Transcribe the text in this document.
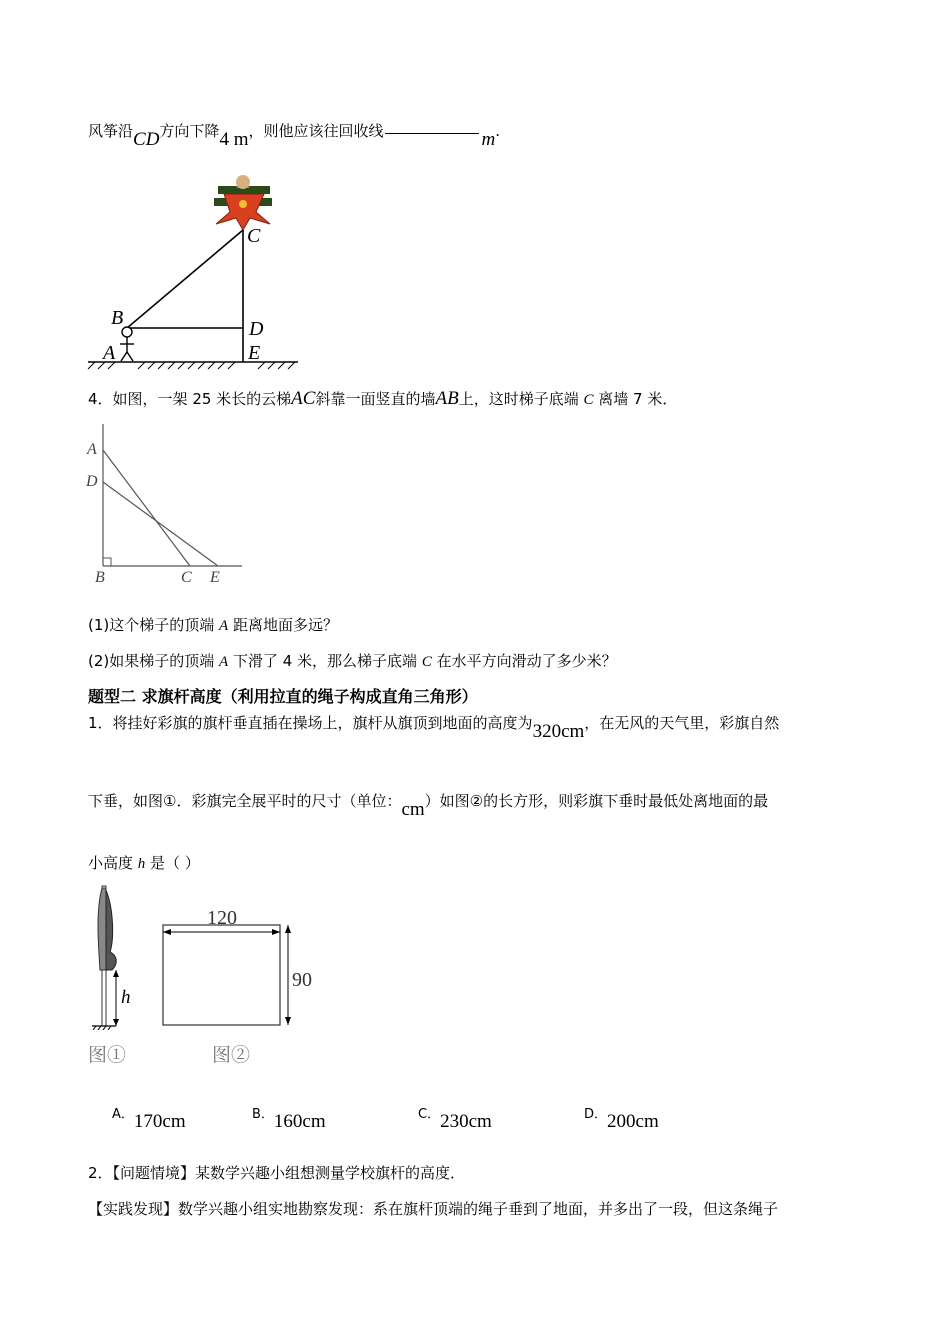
风筝沿CD方向下降4 m，则他应该往回收线	m.
C
B	D
A	E
4．如图，一架 25 米长的云梯AC斜靠一面竖直的墙AB上，这时梯子底端 C 离墙 7 米．
A
D
B	C E
(1)这个梯子的顶端 A 距离地面多远？
(2)如果梯子的顶端 A 下滑了 4 米，那么梯子底端 C 在水平方向滑动了多少米？
题型二 求旗杆高度（利用拉直的绳子构成直角三角形）
1．将挂好彩旗的旗杆垂直插在操场上，旗杆从旗顶到地面的高度为320cm，在无风的天气里，彩旗自然
下垂，如图①．彩旗完全展平时的尺寸（单位：cm）如图②的长方形，则彩旗下垂时最低处离地面的最
小高度 h 是（ ）
h
图①
120
90
图②
A．170cm	B．160cm	C．230cm	D．200cm
2．【问题情境】某数学兴趣小组想测量学校旗杆的高度．
【实践发现】数学兴趣小组实地勘察发现：系在旗杆顶端的绳子垂到了地面，并多出了一段，但这条绳子
